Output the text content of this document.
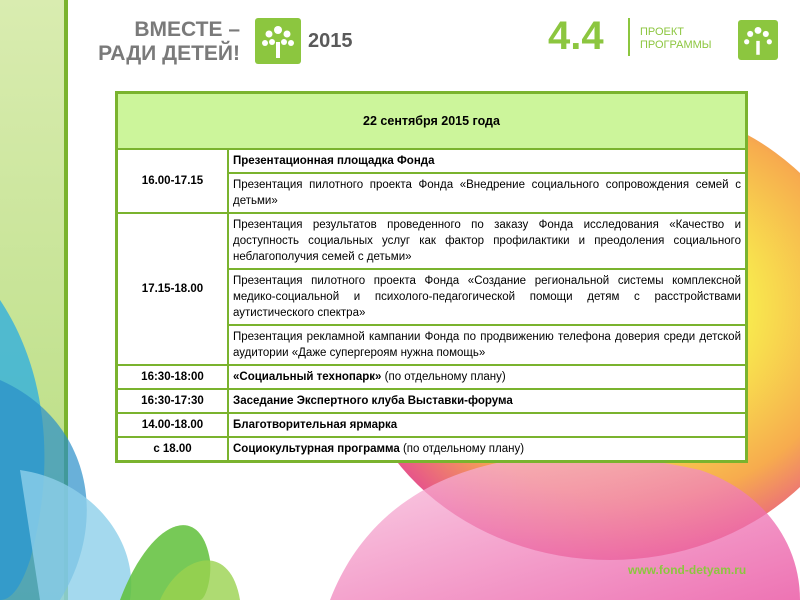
ВМЕСТЕ –
РАДИ ДЕТЕЙ!
2015	4.4	ПРОЕКТ
ПРОГРАММЫ
22 сентября 2015 года	
16.00-17.15	Презентационная площадка Фонда
	Презентация пилотного проекта Фонда «Внедрение социального сопровождения семей с детьми»
17.15-18.00	Презентация результатов проведенного по заказу Фонда исследования «Качество и доступность социальных услуг как фактор профилактики и преодоления социального неблагополучия семей с детьми»
	Презентация пилотного проекта Фонда «Создание региональной системы комплексной медико-социальной и психолого-педагогической помощи детям с расстройствами аутистического спектра»
	Презентация рекламной кампании Фонда по продвижению телефона доверия среди детской аудитории «Даже супергероям нужна помощь»
16:30-18:00	«Социальный технопарк» (по отдельному плану)
16:30-17:30	Заседание Экспертного клуба Выставки-форума
14.00-18.00	Благотворительная ярмарка
с 18.00	Социокультурная программа (по отдельному плану)
www.fond-detyam.ru
